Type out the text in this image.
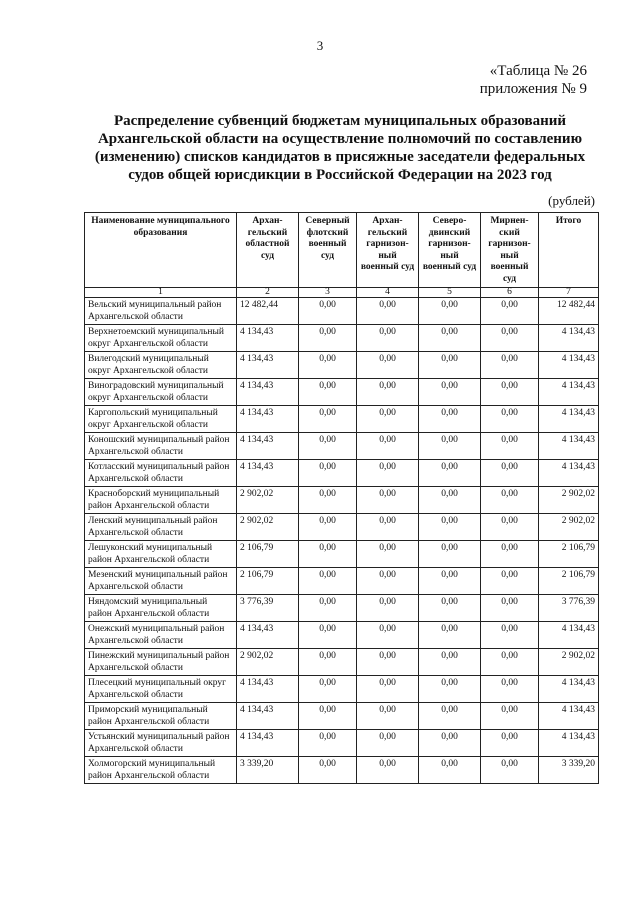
3
«Таблица № 26
приложения № 9
Распределение субвенций бюджетам муниципальных образований Архангельской области на осуществление полномочий по составлению (изменению) списков кандидатов в присяжные заседатели федеральных судов общей юрисдикции в Российской Федерации на 2023 год
(рублей)
Наименование муниципального образования	Архан-гельский областной суд	Северный флотский военный суд	Архан-гельский гарнизон-ный военный суд	Северо-двинский гарнизон-ный военный суд	Мирнен-ский гарнизон-ный военный суд	Итого
1	2	3	4	5	6	7
Вельский муниципальный район Архангельской области	12 482,44	0,00	0,00	0,00	0,00	12 482,44
Верхнетоемский муниципальный округ Архангельской области	4 134,43	0,00	0,00	0,00	0,00	4 134,43
Вилегодский муниципальный округ Архангельской области	4 134,43	0,00	0,00	0,00	0,00	4 134,43
Виноградовский муниципальный округ Архангельской области	4 134,43	0,00	0,00	0,00	0,00	4 134,43
Каргопольский муниципальный округ Архангельской области	4 134,43	0,00	0,00	0,00	0,00	4 134,43
Коношский муниципальный район Архангельской области	4 134,43	0,00	0,00	0,00	0,00	4 134,43
Котласский муниципальный район Архангельской области	4 134,43	0,00	0,00	0,00	0,00	4 134,43
Красноборский муниципальный район Архангельской области	2 902,02	0,00	0,00	0,00	0,00	2 902,02
Ленский муниципальный район Архангельской области	2 902,02	0,00	0,00	0,00	0,00	2 902,02
Лешуконский муниципальный район Архангельской области	2 106,79	0,00	0,00	0,00	0,00	2 106,79
Мезенский муниципальный район Архангельской области	2 106,79	0,00	0,00	0,00	0,00	2 106,79
Няндомский муниципальный район Архангельской области	3 776,39	0,00	0,00	0,00	0,00	3 776,39
Онежский муниципальный район Архангельской области	4 134,43	0,00	0,00	0,00	0,00	4 134,43
Пинежский муниципальный район Архангельской области	2 902,02	0,00	0,00	0,00	0,00	2 902,02
Плесецкий муниципальный округ Архангельской области	4 134,43	0,00	0,00	0,00	0,00	4 134,43
Приморский муниципальный район Архангельской области	4 134,43	0,00	0,00	0,00	0,00	4 134,43
Устьянский муниципальный район Архангельской области	4 134,43	0,00	0,00	0,00	0,00	4 134,43
Холмогорский муниципальный район Архангельской области	3 339,20	0,00	0,00	0,00	0,00	3 339,20
